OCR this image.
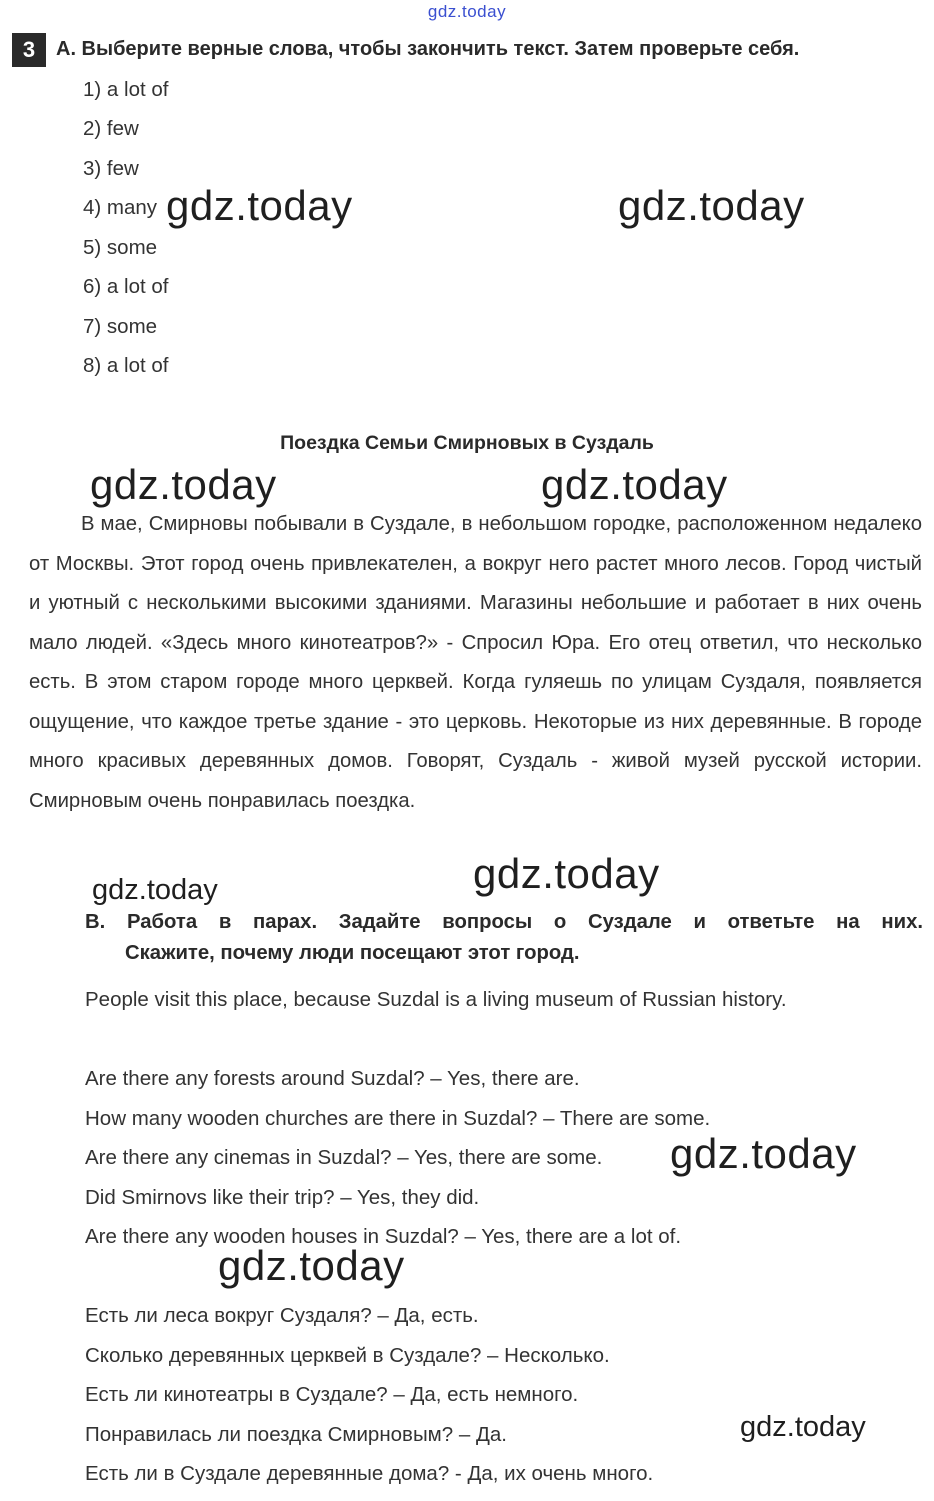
gdz.today
3	A. Выберите верные слова, чтобы закончить текст. Затем проверьте себя.
1) a lot of
2) few
3) few
4) many
5) some
6) a lot of
7) some
8) a lot of
gdz.today	gdz.today
Поездка Семьи Смирновых в Суздаль
gdz.today	gdz.today

В мае, Смирновы побывали в Суздале, в небольшом городке, расположенном недалеко от Москвы. Этот город очень привлекателен, а вокруг него растет много лесов. Город чистый и уютный с несколькими высокими зданиями. Магазины небольшие и работает в них очень мало людей. «Здесь много кинотеатров?» - Спросил Юра. Его отец ответил, что несколько есть. В этом старом городе много церквей. Когда гуляешь по улицам Суздаля, появляется ощущение, что каждое третье здание - это церковь. Некоторые из них деревянные. В городе много красивых деревянных домов. Говорят, Суздаль - живой музей русской истории. Смирновым очень понравилась поездка.

gdz.today	gdz.today

B. Работа в парах. Задайте вопросы о Суздале и ответьте на них.

Скажите, почему люди посещают этот город.
People visit this place, because Suzdal is a living museum of Russian history.
Are there any forests around Suzdal? – Yes, there are.
How many wooden churches are there in Suzdal? – There are some.
Are there any cinemas in Suzdal? – Yes, there are some.
Did Smirnovs like their trip? – Yes, they did.
Are there any wooden houses in Suzdal? – Yes, there are a lot of.
gdz.today
gdz.today
Есть ли леса вокруг Суздаля? – Да, есть.
Сколько деревянных церквей в Суздале? – Несколько.
Есть ли кинотеатры в Суздале? – Да, есть немного.
Понравилась ли поездка Смирновым? – Да.
Есть ли в Суздале деревянные дома? - Да, их очень много.
gdz.today
